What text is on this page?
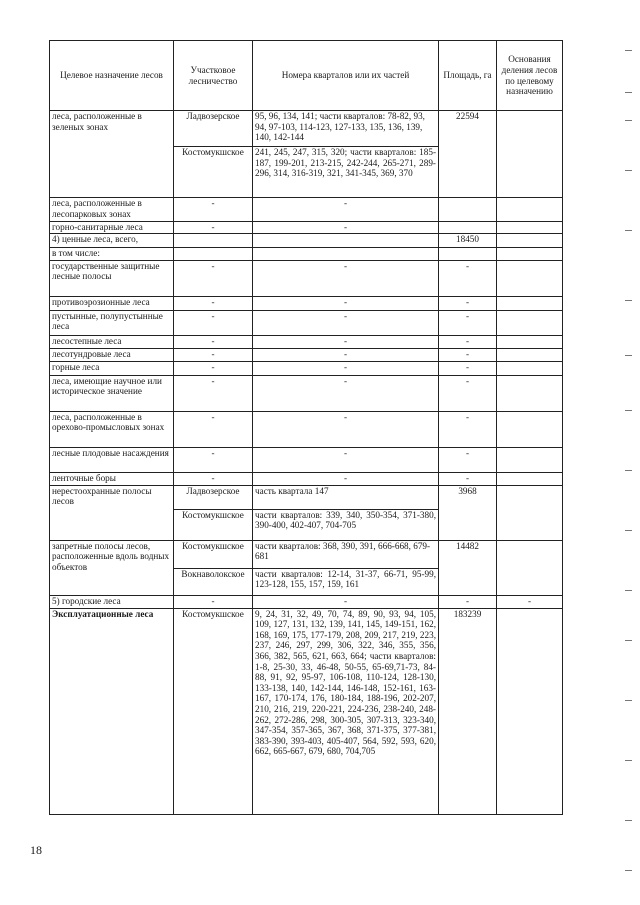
Целевое назначение лесов	Участковое лесничество	Номера кварталов или их частей	Площадь, га	Основания деления лесов по целевому назначению
леса, расположенные в зеленых зонах	Ладвозерское	95, 96, 134, 141; части кварталов: 78-82, 93, 94, 97-103, 114-123, 127-133, 135, 136, 139, 140, 142-144	22594	
	Костомукшское	241, 245, 247, 315, 320; части кварталов: 185-187, 199-201, 213-215, 242-244, 265-271, 289-296, 314, 316-319, 321, 341-345, 369, 370		
леса, расположенные в лесопарковых зонах	-	-		
горно-санитарные леса	-	-		
4) ценные леса, всего,			18450	
в том числе:				
государственные защитные лесные полосы	-	-	-	
противоэрозионные леса	-	-	-	
пустынные, полупустынные леса	-	-	-	
лесостепные леса	-	-	-	
лесотундровые леса	-	-	-	
горные леса	-	-	-	
леса, имеющие научное или историческое значение	-	-	-	
леса, расположенные в орехово-промысловых зонах	-	-	-	
лесные плодовые насаждения	-	-	-	
ленточные боры	-	-	-	
нерестоохранные полосы лесов	Ладвозерское	часть квартала 147	3968	
	Костомукшское	части кварталов: 339, 340, 350-354, 371-380, 390-400, 402-407, 704-705		
запретные полосы лесов, расположенные вдоль водных объектов	Костомукшское	части кварталов: 368, 390, 391, 666-668, 679-681	14482	
	Вокнаволокское	части кварталов: 12-14, 31-37, 66-71, 95-99, 123-128, 155, 157, 159, 161		
5) городские леса	-	-	-	-
Эксплуатационные леса	Костомукшское	9, 24, 31, 32, 49, 70, 74, 89, 90, 93, 94, 105, 109, 127, 131, 132, 139, 141, 145, 149-151, 162, 168, 169, 175, 177-179, 208, 209, 217, 219, 223, 237, 246, 297, 299, 306, 322, 346, 355, 356, 366, 382, 565, 621, 663, 664; части кварталов: 1-8, 25-30, 33, 46-48, 50-55, 65-69,71-73, 84-88, 91, 92, 95-97, 106-108, 110-124, 128-130, 133-138, 140, 142-144, 146-148, 152-161, 163-167, 170-174, 176, 180-184, 188-196, 202-207, 210, 216, 219, 220-221, 224-236, 238-240, 248-262, 272-286, 298, 300-305, 307-313, 323-340, 347-354, 357-365, 367, 368, 371-375, 377-381, 383-390, 393-403, 405-407, 564, 592, 593, 620, 662, 665-667, 679, 680, 704,705	183239	
18
